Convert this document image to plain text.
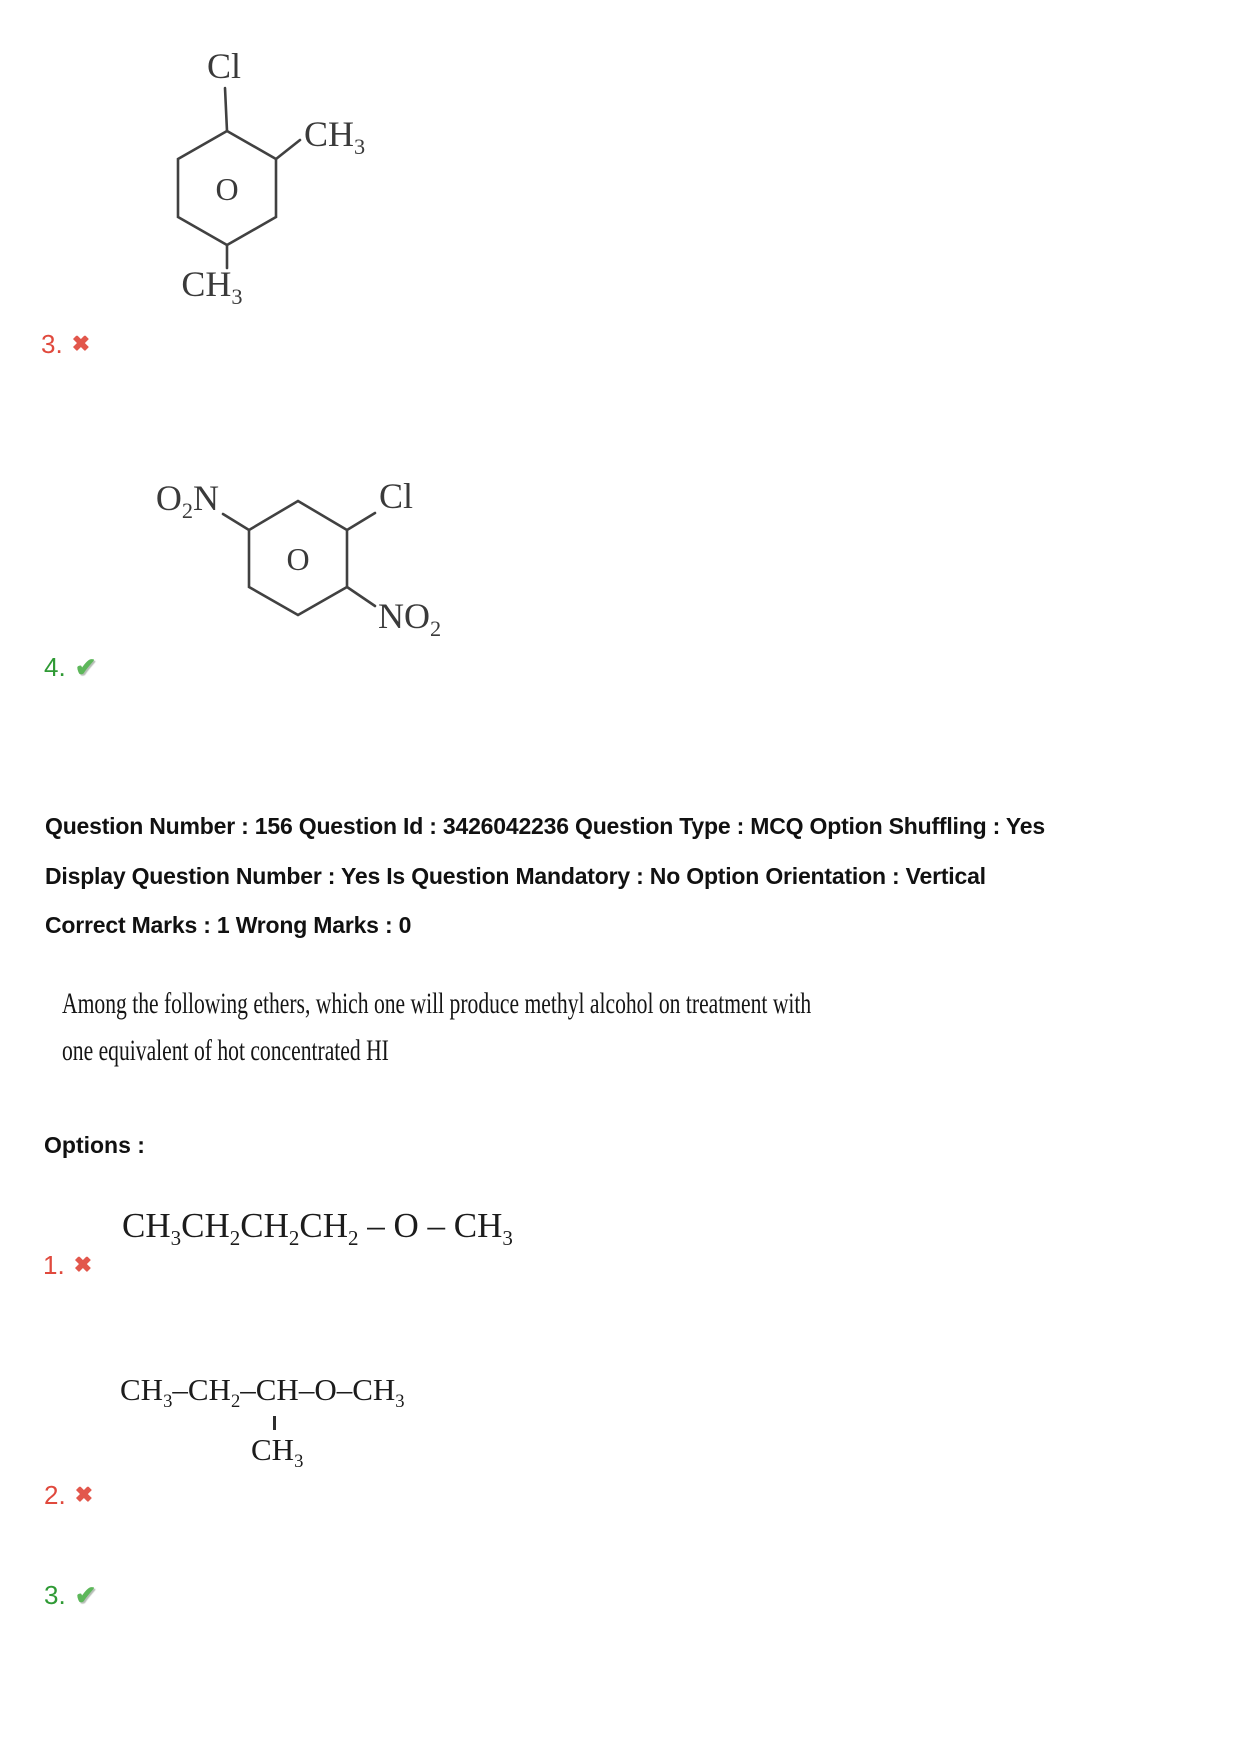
Cl
$CH_3$
$CH_3$
O
3. ✖
$O_2N$	Cl
$NO_2$
O
4. ✔
Question Number : 156 Question Id : 3426042236 Question Type : MCQ Option Shuffling : Yes
Display Question Number : Yes Is Question Mandatory : No Option Orientation : Vertical
Correct Marks : 1 Wrong Marks : 0
Among the following ethers, which one will produce methyl alcohol on treatment with
one equivalent of hot concentrated HI
Options :
$CH_3CH_2CH_2CH_2$ – O – $CH_3$
1. ✖
$CH_3-CH_2-CH-O-CH_3$
$CH_3$
2. ✖
3. ✔
